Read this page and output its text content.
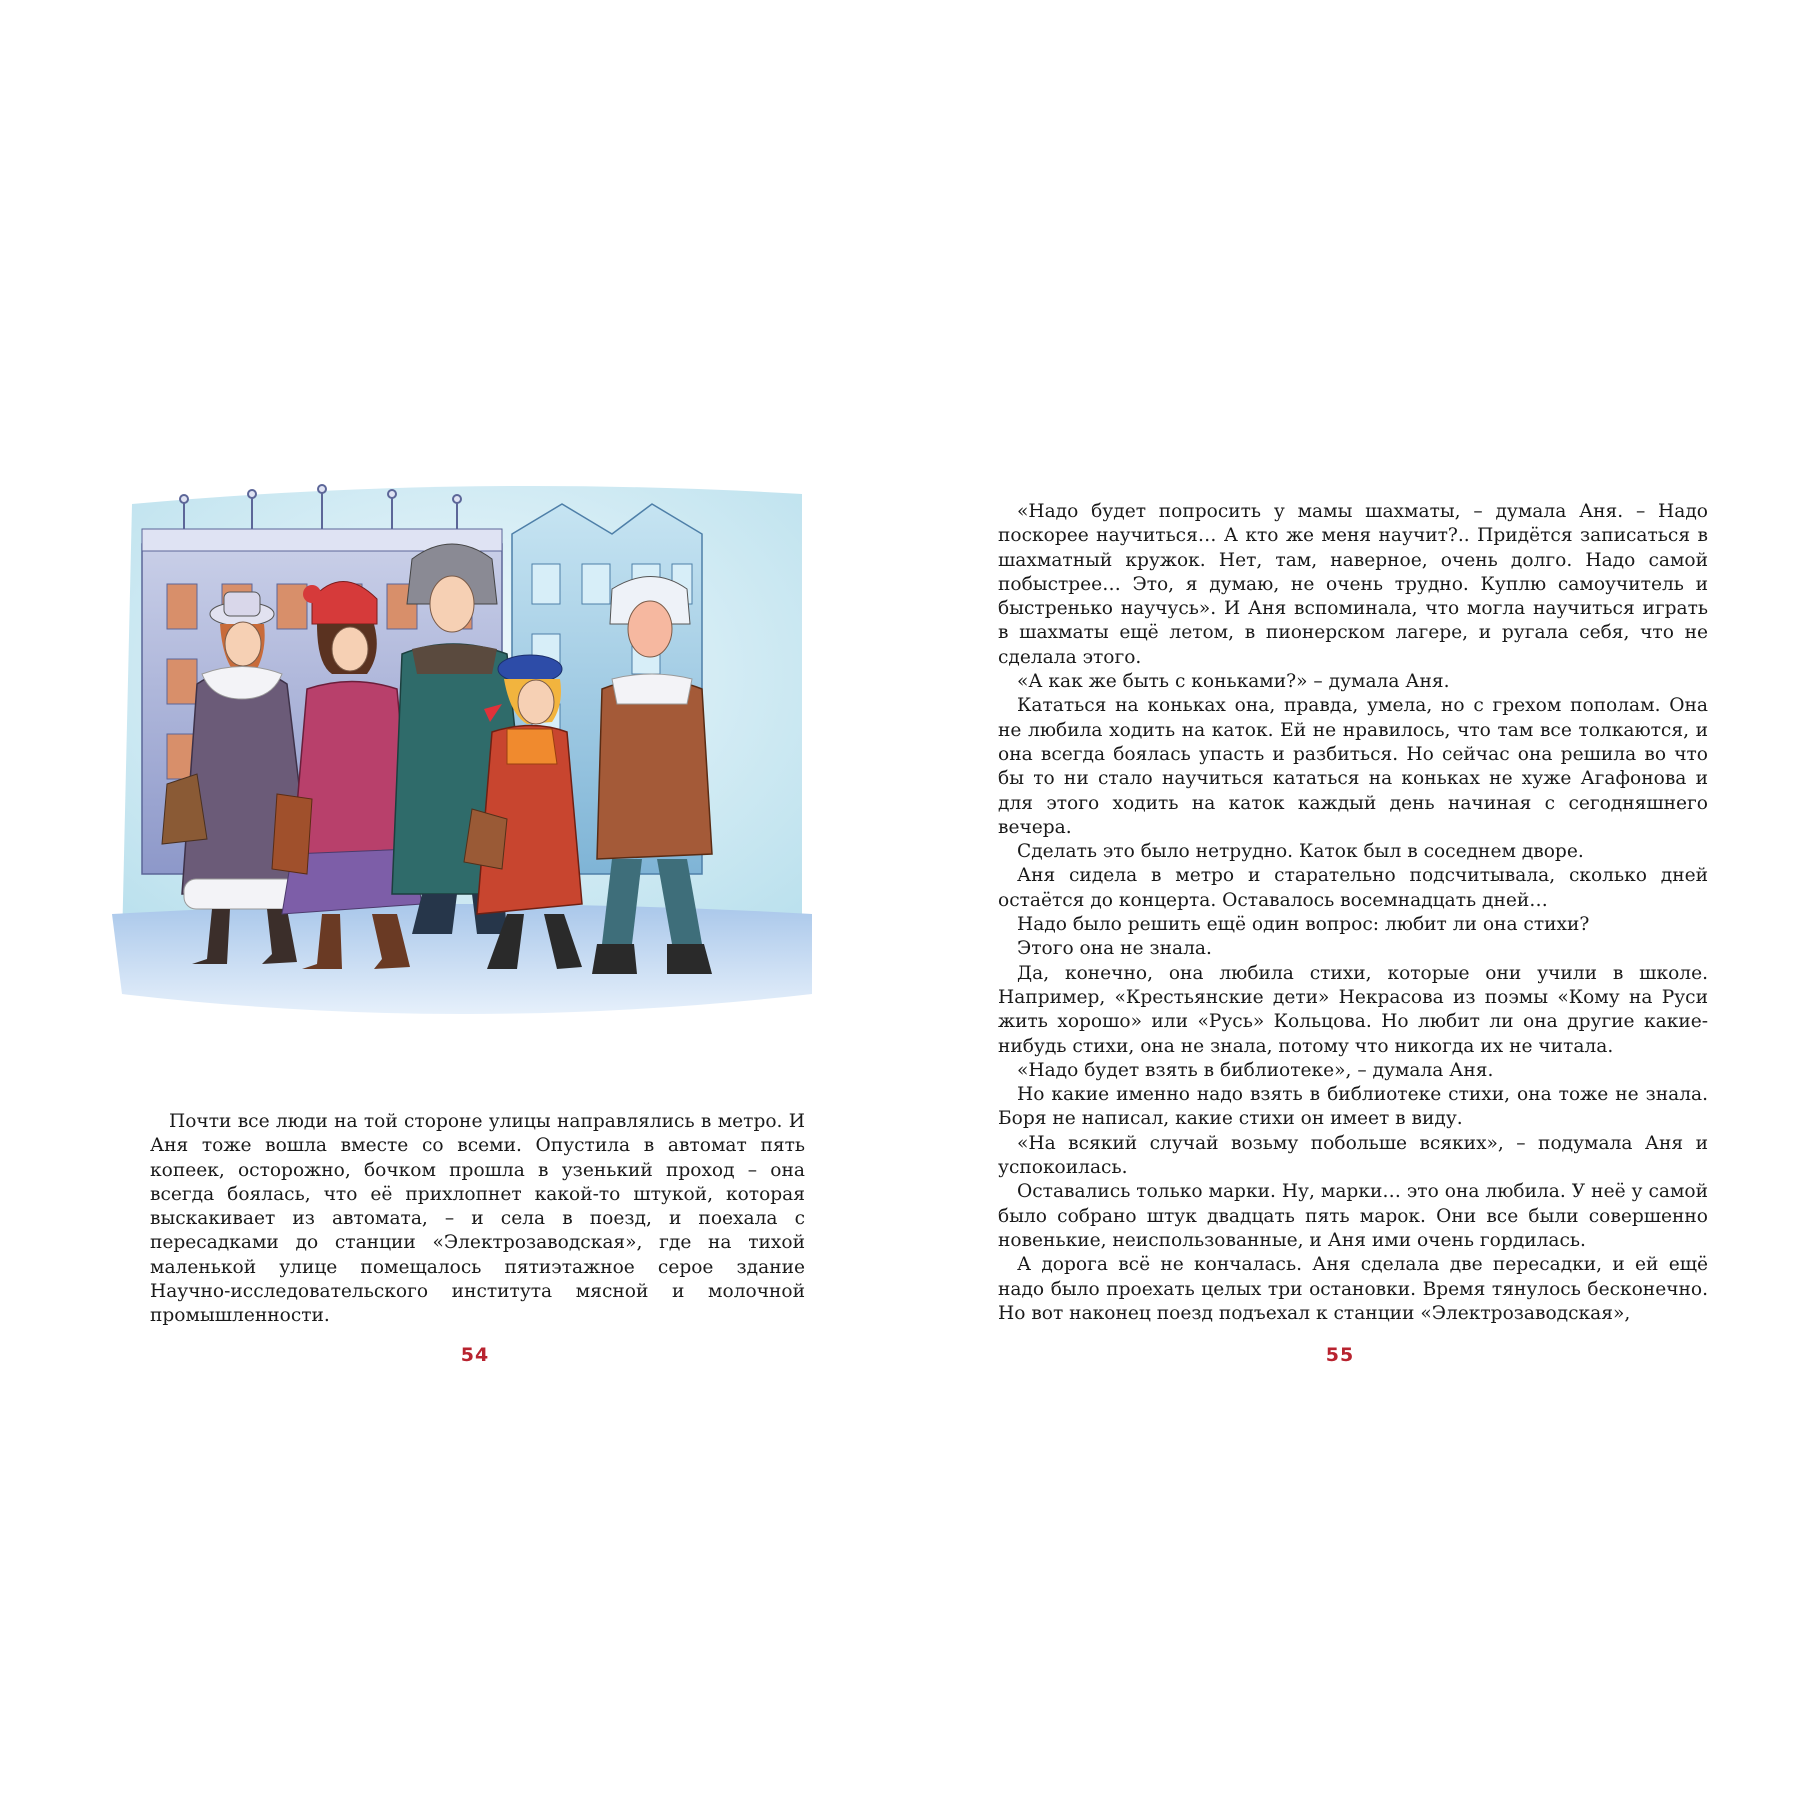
Почти все люди на той стороне улицы направлялись в метро. И Аня тоже вошла вместе со всеми. Опустила в автомат пять копеек, осторожно, бочком прошла в узенький проход – она всегда боялась, что её прихлопнет какой-то штукой, которая выскакивает из автомата, – и села в поезд, и поехала с пересадками до станции «Электрозаводская», где на тихой маленькой улице помещалось пятиэтажное серое здание Научно-исследовательского института мясной и молочной промышленности.

54

«Надо будет попросить у мамы шахматы, – думала Аня. – Надо поскорее научиться… А кто же меня научит?.. Придётся записаться в шахматный кружок. Нет, там, наверное, очень долго. Надо самой побыстрее… Это, я думаю, не очень трудно. Куплю самоучитель и быстренько научусь». И Аня вспоминала, что могла научиться играть в шахматы ещё летом, в пионерском лагере, и ругала себя, что не сделала этого.

«А как же быть с коньками?» – думала Аня.

Кататься на коньках она, правда, умела, но с грехом пополам. Она не любила ходить на каток. Ей не нравилось, что там все толкаются, и она всегда боялась упасть и разбиться. Но сейчас она решила во что бы то ни стало научиться кататься на коньках не хуже Агафонова и для этого ходить на каток каждый день начиная с сегодняшнего вечера.

Сделать это было нетрудно. Каток был в соседнем дворе.

Аня сидела в метро и старательно подсчитывала, сколько дней остаётся до концерта. Оставалось восемнадцать дней…

Надо было решить ещё один вопрос: любит ли она стихи?

Этого она не знала.

Да, конечно, она любила стихи, которые они учили в школе. Например, «Крестьянские дети» Некрасова из поэмы «Кому на Руси жить хорошо» или «Русь» Кольцова. Но любит ли она другие какие-нибудь стихи, она не знала, потому что никогда их не читала.

«Надо будет взять в библиотеке», – думала Аня.

Но какие именно надо взять в библиотеке стихи, она тоже не знала. Боря не написал, какие стихи он имеет в виду.

«На всякий случай возьму побольше всяких», – подумала Аня и успокоилась.

Оставались только марки. Ну, марки… это она любила. У неё у самой было собрано штук двадцать пять марок. Они все были совершенно новенькие, неиспользованные, и Аня ими очень гордилась.

А дорога всё не кончалась. Аня сделала две пересадки, и ей ещё надо было проехать целых три остановки. Время тянулось бесконечно. Но вот наконец поезд подъехал к станции «Электрозаводская»,

55
